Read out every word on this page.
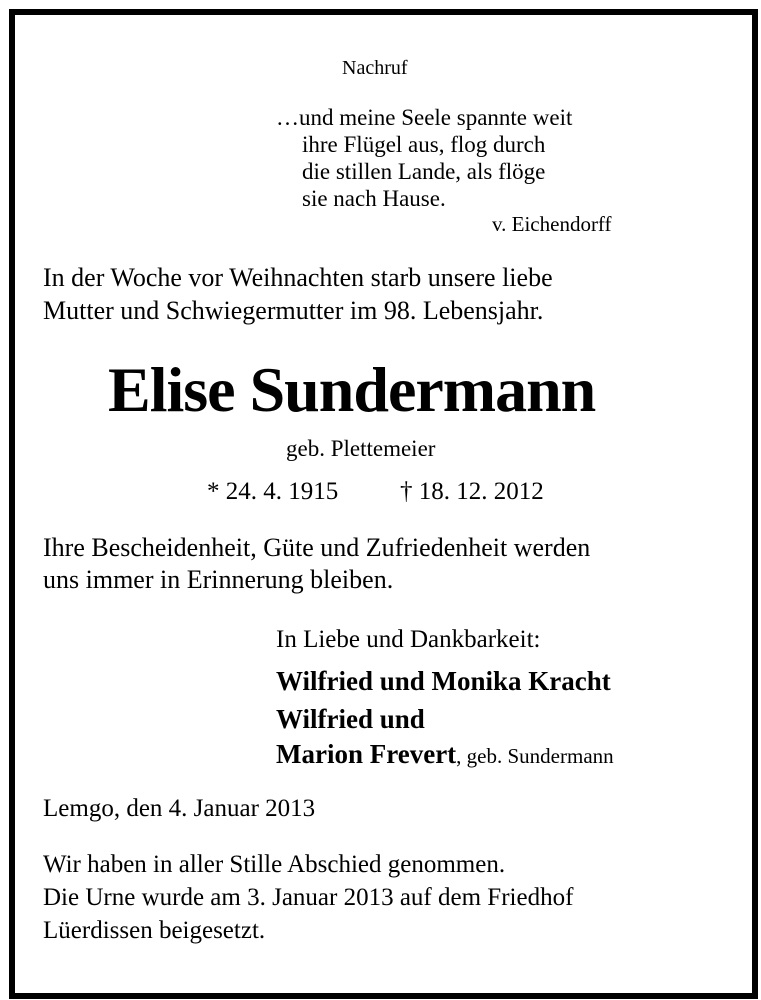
Nachruf
…und meine Seele spannte weit
ihre Flügel aus, flog durch
die stillen Lande, als flöge
sie nach Hause.
v. Eichendorff
In der Woche vor Weihnachten starb unsere liebe
Mutter und Schwiegermutter im 98. Lebensjahr.
Elise Sundermann
geb. Plettemeier
* 24. 4. 1915 † 18. 12. 2012
Ihre Bescheidenheit, Güte und Zufriedenheit werden
uns immer in Erinnerung bleiben.
In Liebe und Dankbarkeit:
Wilfried und Monika Kracht
Wilfried und
Marion Frevert, geb. Sundermann
Lemgo, den 4. Januar 2013
Wir haben in aller Stille Abschied genommen.
Die Urne wurde am 3. Januar 2013 auf dem Friedhof
Lüerdissen beigesetzt.
